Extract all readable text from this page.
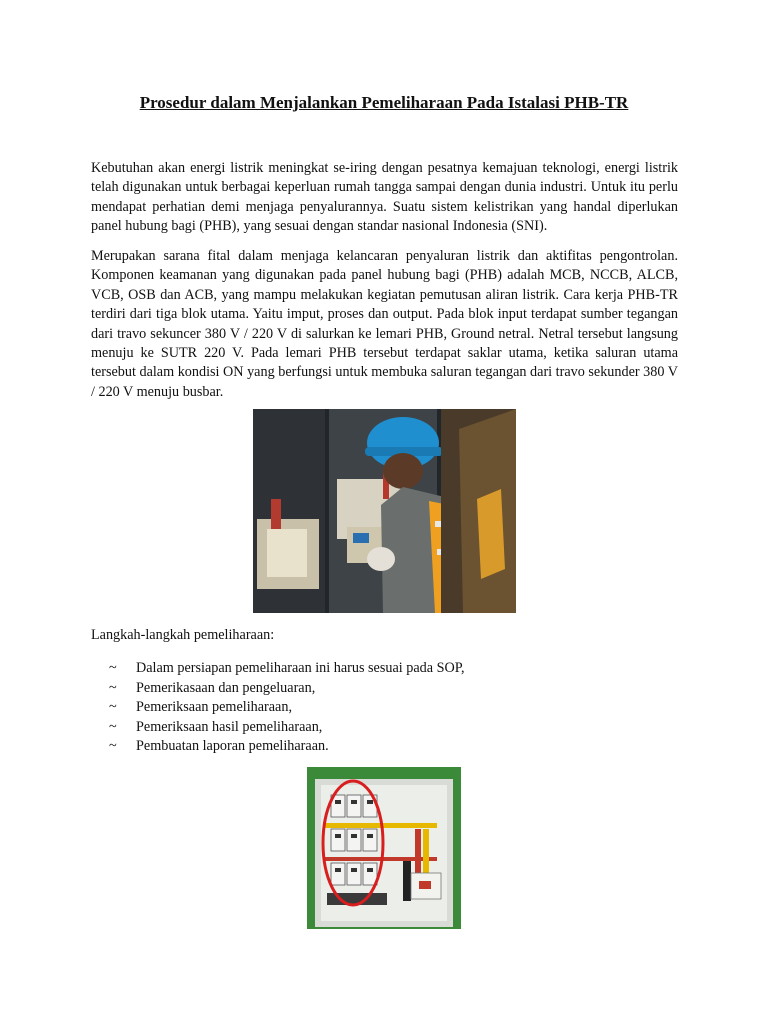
Prosedur dalam Menjalankan Pemeliharaan Pada Istalasi PHB-TR

Kebutuhan akan energi listrik meningkat se-iring dengan pesatnya kemajuan teknologi, energi listrik telah digunakan untuk berbagai keperluan rumah tangga sampai dengan dunia industri. Untuk itu perlu mendapat perhatian demi menjaga penyalurannya. Suatu sistem kelistrikan yang handal diperlukan panel hubung bagi (PHB), yang sesuai dengan standar nasional Indonesia (SNI).

Merupakan sarana fital dalam menjaga kelancaran penyaluran listrik dan aktifitas pengontrolan. Komponen keamanan yang digunakan pada panel hubung bagi (PHB) adalah MCB, NCCB, ALCB, VCB, OSB dan ACB, yang mampu melakukan kegiatan pemutusan aliran listrik. Cara kerja PHB-TR terdiri dari tiga blok utama. Yaitu imput, proses dan output. Pada blok input terdapat sumber tegangan dari travo sekuncer 380 V / 220 V di salurkan ke lemari PHB, Ground netral. Netral tersebut langsung menuju ke SUTR 220 V. Pada lemari PHB tersebut terdapat saklar utama, ketika saluran utama tersebut dalam kondisi ON yang berfungsi untuk membuka saluran tegangan dari travo sekunder 380 V / 220 V menuju busbar.

Langkah-langkah pemeliharaan:
~ Dalam persiapan pemeliharaan ini harus sesuai pada SOP,
~ Pemerikasaan dan pengeluaran,
~ Pemeriksaan pemeliharaan,
~ Pemeriksaan hasil pemeliharaan,
~ Pembuatan laporan pemeliharaan.
